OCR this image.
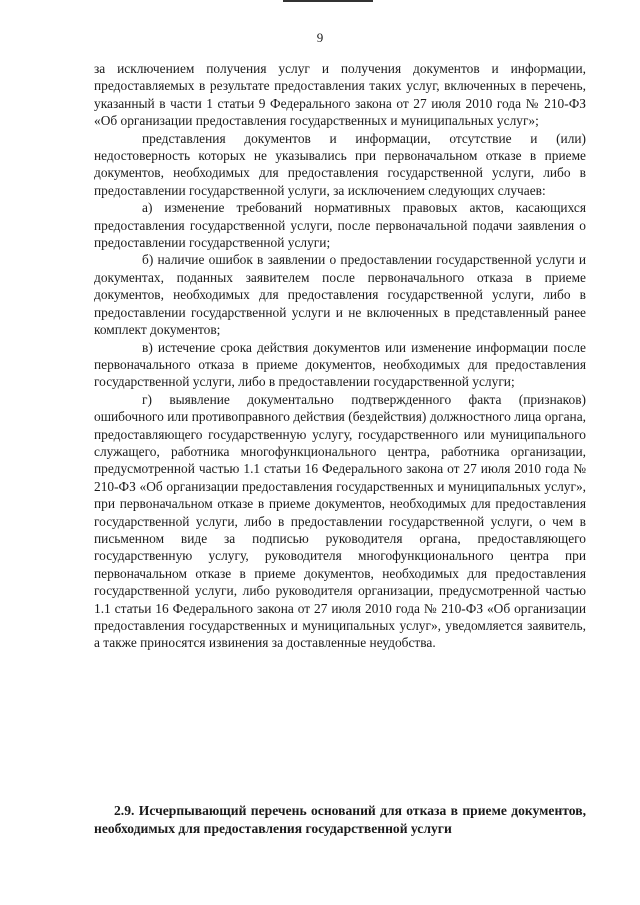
9

за исключением получения услуг и получения документов и информации, предоставляемых в результате предоставления таких услуг, включенных в перечень, указанный в части 1 статьи 9 Федерального закона от 27 июля 2010 года № 210-ФЗ «Об организации предоставления государственных и муниципальных услуг»;

представления документов и информации, отсутствие и (или) недостоверность которых не указывались при первоначальном отказе в приеме документов, необходимых для предоставления государственной услуги, либо в предоставлении государственной услуги, за исключением следующих случаев:

а) изменение требований нормативных правовых актов, касающихся предоставления государственной услуги, после первоначальной подачи заявления о предоставлении государственной услуги;

б) наличие ошибок в заявлении о предоставлении государственной услуги и документах, поданных заявителем после первоначального отказа в приеме документов, необходимых для предоставления государственной услуги, либо в предоставлении государственной услуги и не включенных в представленный ранее комплект документов;

в) истечение срока действия документов или изменение информации после первоначального отказа в приеме документов, необходимых для предоставления государственной услуги, либо в предоставлении государственной услуги;

г) выявление документально подтвержденного факта (признаков) ошибочного или противоправного действия (бездействия) должностного лица органа, предоставляющего государственную услугу, государственного или муниципального служащего, работника многофункционального центра, работника организации, предусмотренной частью 1.1 статьи 16 Федерального закона от 27 июля 2010 года № 210-ФЗ «Об организации предоставления государственных и муниципальных услуг», при первоначальном отказе в приеме документов, необходимых для предоставления государственной услуги, либо в предоставлении государственной услуги, о чем в письменном виде за подписью руководителя органа, предоставляющего государственную услугу, руководителя многофункционального центра при первоначальном отказе в приеме документов, необходимых для предоставления государственной услуги, либо руководителя организации, предусмотренной частью 1.1 статьи 16 Федерального закона от 27 июля 2010 года № 210-ФЗ «Об организации предоставления государственных и муниципальных услуг», уведомляется заявитель, а также приносятся извинения за доставленные неудобства.

2.9. Исчерпывающий перечень оснований для отказа в приеме документов, необходимых для предоставления государственной услуги
